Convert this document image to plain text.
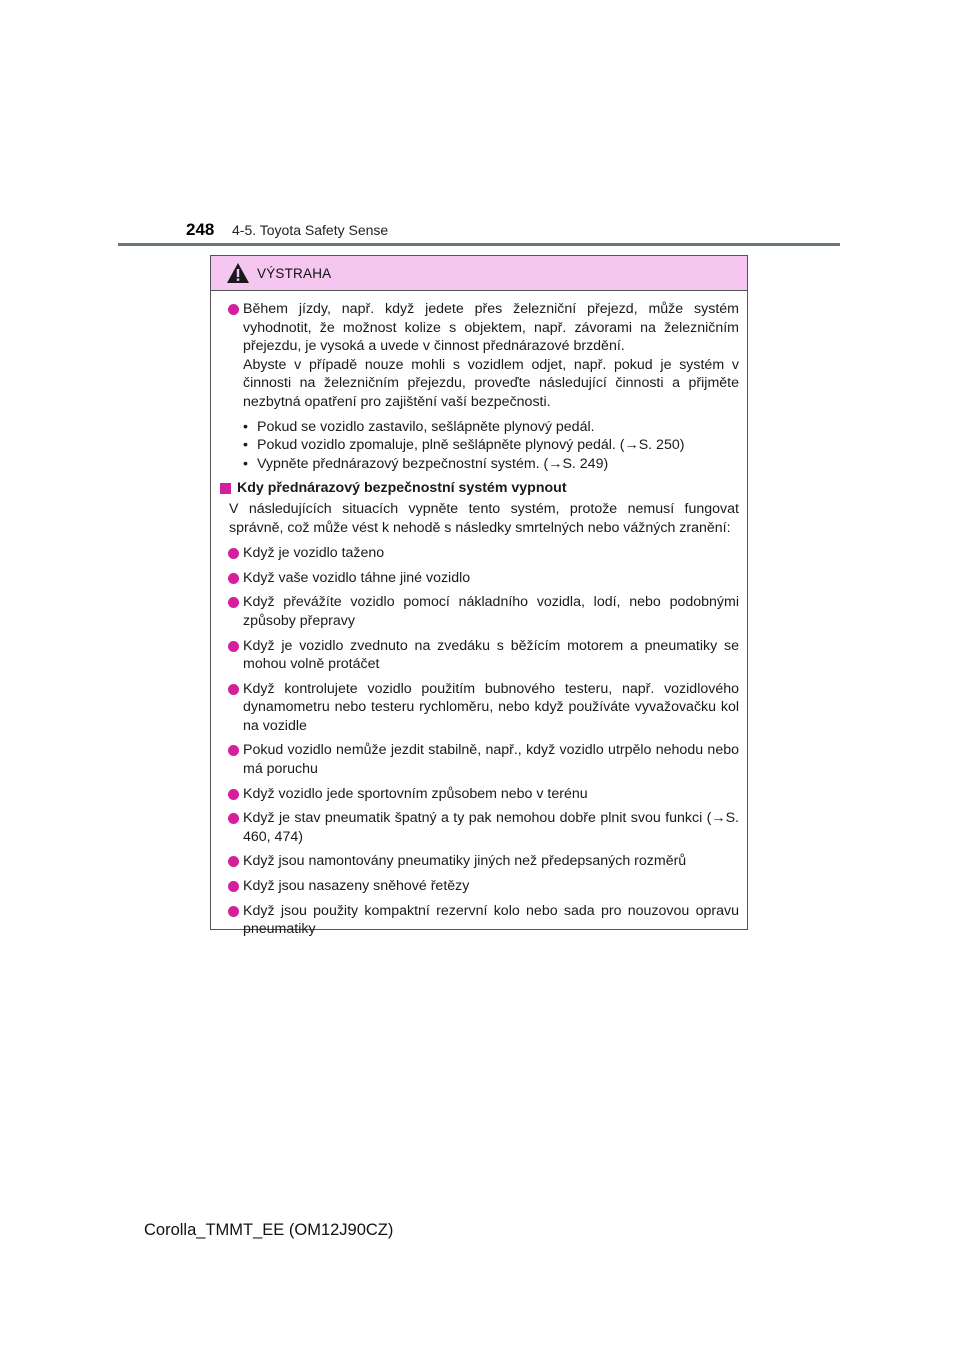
248 4-5. Toyota Safety Sense
VÝSTRAHA

Během jízdy, např. když jedete přes železniční přejezd, může systém vyhodnotit, že možnost kolize s objektem, např. závorami na železničním přejezdu, je vysoká a uvede v činnost přednárazové brzdění.

Abyste v případě nouze mohli s vozidlem odjet, např. pokud je systém v činnosti na železničním přejezdu, proveďte následující činnosti a přijměte nezbytná opatření pro zajištění vaší bezpečnosti.

• Pokud se vozidlo zastavilo, sešlápněte plynový pedál.
• Pokud vozidlo zpomaluje, plně sešlápněte plynový pedál. (→S. 250)
• Vypněte přednárazový bezpečnostní systém. (→S. 249)
Kdy přednárazový bezpečnostní systém vypnout

V následujících situacích vypněte tento systém, protože nemusí fungovat správně, což může vést k nehodě s následky smrtelných nebo vážných zranění:

Když je vozidlo taženo
Když vaše vozidlo táhne jiné vozidlo
Když převážíte vozidlo pomocí nákladního vozidla, lodí, nebo podobnými způsoby přepravy
Když je vozidlo zvednuto na zvedáku s běžícím motorem a pneumatiky se mohou volně protáčet
Když kontrolujete vozidlo použitím bubnového testeru, např. vozidlového dynamometru nebo testeru rychloměru, nebo když používáte vyvažovačku kol na vozidle
Pokud vozidlo nemůže jezdit stabilně, např., když vozidlo utrpělo nehodu nebo má poruchu
Když vozidlo jede sportovním způsobem nebo v terénu
Když je stav pneumatik špatný a ty pak nemohou dobře plnit svou funkci (→S. 460, 474)
Když jsou namontovány pneumatiky jiných než předepsaných rozměrů
Když jsou nasazeny sněhové řetězy
Když jsou použity kompaktní rezervní kolo nebo sada pro nouzovou opravu pneumatiky
Corolla_TMMT_EE (OM12J90CZ)
